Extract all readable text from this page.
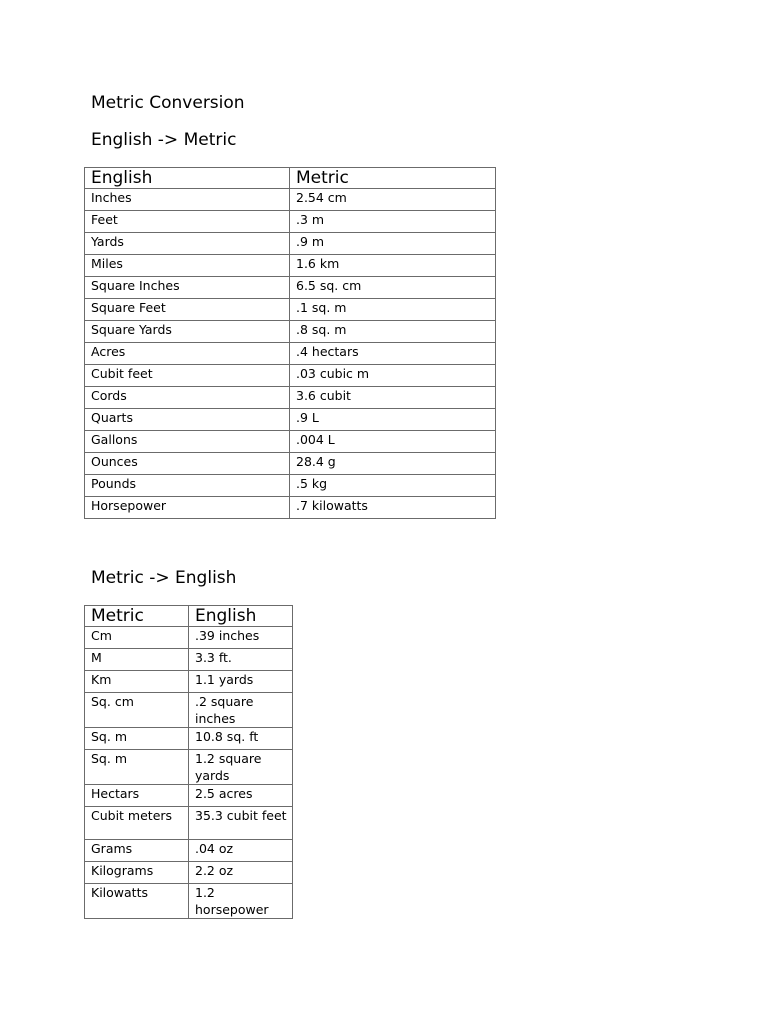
Metric Conversion
English -> Metric
English	Metric
Inches	2.54 cm
Feet	.3 m
Yards	.9 m
Miles	1.6 km
Square Inches	6.5 sq. cm
Square Feet	.1 sq. m
Square Yards	.8 sq. m
Acres	.4 hectars
Cubit feet	.03 cubic m
Cords	3.6 cubit
Quarts	.9 L
Gallons	.004 L
Ounces	28.4 g
Pounds	.5 kg
Horsepower	.7 kilowatts
Metric -> English
Metric	English
Cm	.39 inches
M	3.3 ft.
Km	1.1 yards
Sq. cm	.2 square inches
Sq. m	10.8 sq. ft
Sq. m	1.2 square yards
Hectars	2.5 acres
Cubit meters	35.3 cubit feet
Grams	.04 oz
Kilograms	2.2 oz
Kilowatts	1.2 horsepower
